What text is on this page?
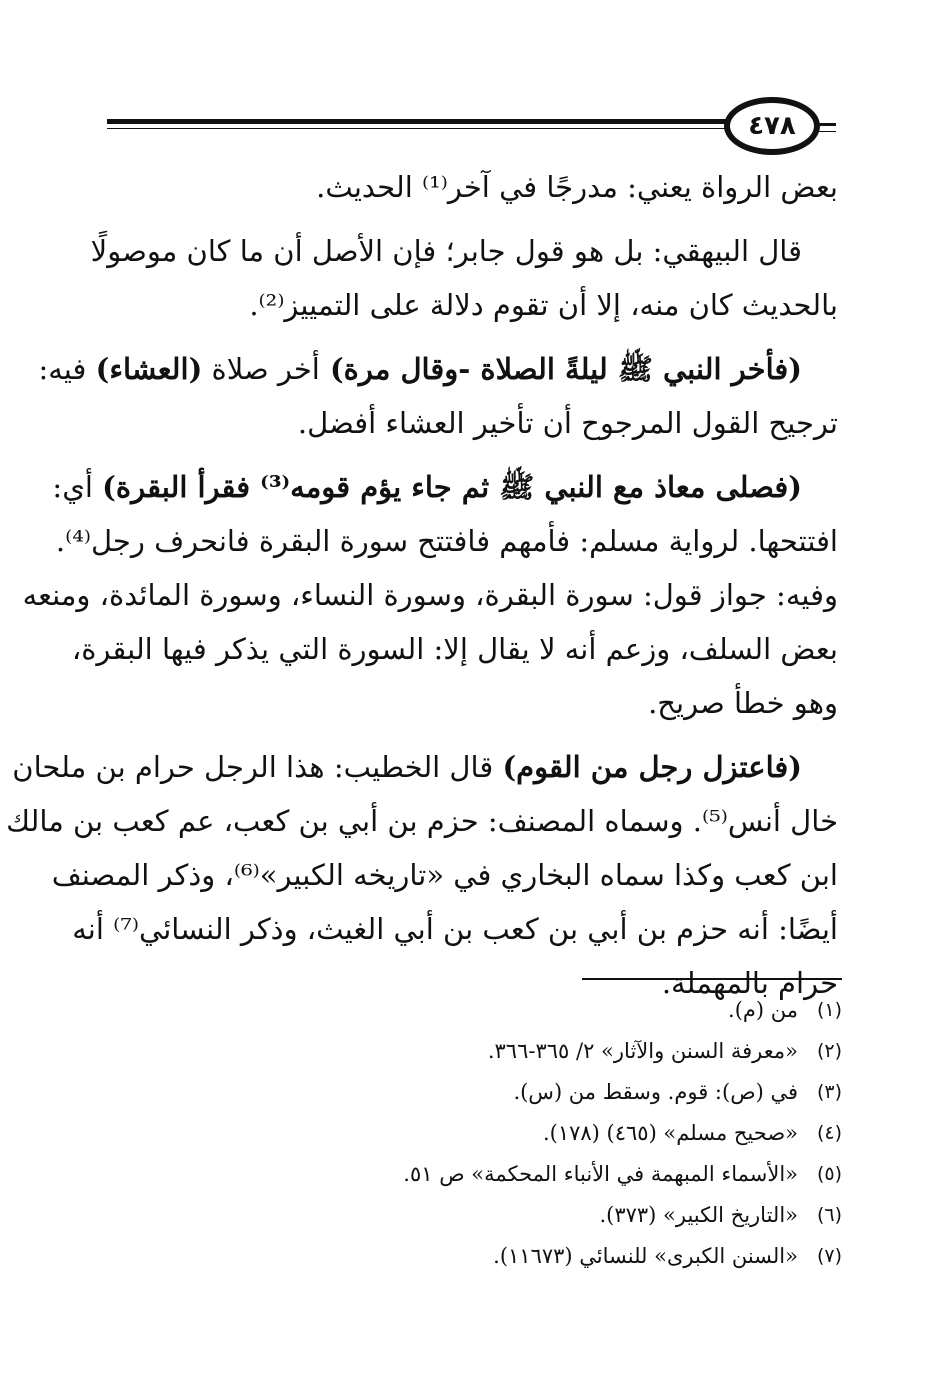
٤٧٨
بعض الرواة يعني: مدرجًا في آخر⁽¹⁾ الحديث.
قال البيهقي: بل هو قول جابر؛ فإن الأصل أن ما كان موصولًا
بالحديث كان منه، إلا أن تقوم دلالة على التمييز⁽²⁾.
(فأخر النبي ﷺ ليلةً الصلاة -وقال مرة) أخر صلاة (العشاء) فيه:
ترجيح القول المرجوح أن تأخير العشاء أفضل.
(فصلى معاذ مع النبي ﷺ ثم جاء يؤم قومه⁽³⁾ فقرأ البقرة) أي:
افتتحها. لرواية مسلم: فأمهم فافتتح سورة البقرة فانحرف رجل⁽⁴⁾.
وفيه: جواز قول: سورة البقرة، وسورة النساء، وسورة المائدة، ومنعه
بعض السلف، وزعم أنه لا يقال إلا: السورة التي يذكر فيها البقرة،
وهو خطأ صريح.
(فاعتزل رجل من القوم) قال الخطيب: هذا الرجل حرام بن ملحان
خال أنس⁽⁵⁾. وسماه المصنف: حزم بن أبي بن كعب، عم كعب بن مالك
ابن كعب وكذا سماه البخاري في «تاريخه الكبير»⁽⁶⁾، وذكر المصنف
أيضًا: أنه حزم بن أبي بن كعب بن أبي الغيث، وذكر النسائي⁽⁷⁾ أنه
حرام بالمهملة.
(١)
من (م).
(٢)
«معرفة السنن والآثار» ٢/ ٣٦٥-٣٦٦.
(٣)
في (ص): قوم. وسقط من (س).
(٤)
«صحيح مسلم» (٤٦٥) (١٧٨).
(٥)
«الأسماء المبهمة في الأنباء المحكمة» ص ٥١.
(٦)
«التاريخ الكبير» (٣٧٣).
(٧)
«السنن الكبرى» للنسائي (١١٦٧٣).
